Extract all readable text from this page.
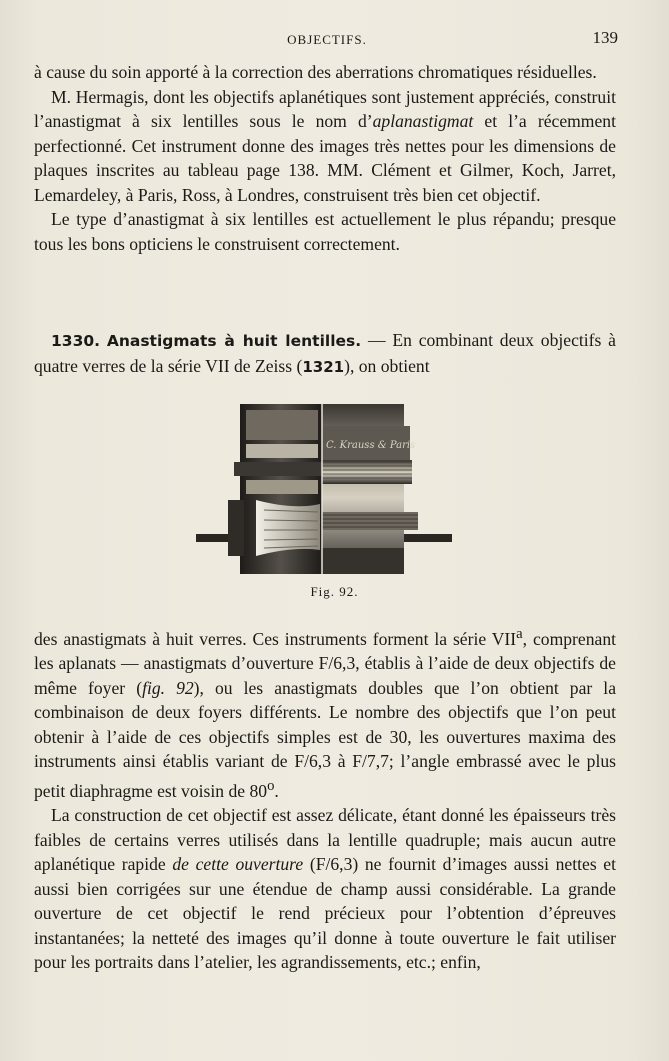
OBJECTIFS.	139

à cause du soin apporté à la correction des aberrations chromatiques résiduelles.

M. Hermagis, dont les objectifs aplanétiques sont justement appréciés, construit l’anastigmat à six lentilles sous le nom d’aplanastigmat et l’a récemment perfectionné. Cet instrument donne des images très nettes pour les dimensions de plaques inscrites au tableau page 138. MM. Clément et Gilmer, Koch, Jarret, Lemardeley, à Paris, Ross, à Londres, construisent très bien cet objectif.

Le type d’anastigmat à six lentilles est actuellement le plus répandu; presque tous les bons opticiens le construisent correctement.

1330. Anastigmats à huit lentilles. — En combinant deux objectifs à quatre verres de la série VII de Zeiss (1321), on obtient

C. Krauss & Paris
Fig. 92.

des anastigmats à huit verres. Ces instruments forment la série VII$^a$, comprenant les aplanats — anastigmats d’ouverture F/6,3, établis à l’aide de deux objectifs de même foyer (fig. 92), ou les anastigmats doubles que l’on obtient par la combinaison de deux foyers différents. Le nombre des objectifs que l’on peut obtenir à l’aide de ces objectifs simples est de 30, les ouvertures maxima des instruments ainsi établis variant de F/6,3 à F/7,7; l’angle embrassé avec le plus petit diaphragme est voisin de 80$^o$.

La construction de cet objectif est assez délicate, étant donné les épaisseurs très faibles de certains verres utilisés dans la lentille quadruple; mais aucun autre aplanétique rapide de cette ouverture (F/6,3) ne fournit d’images aussi nettes et aussi bien corrigées sur une étendue de champ aussi considérable. La grande ouverture de cet objectif le rend précieux pour l’obtention d’épreuves instantanées; la netteté des images qu’il donne à toute ouverture le fait utiliser pour les portraits dans l’atelier, les agrandissements, etc.; enfin,
